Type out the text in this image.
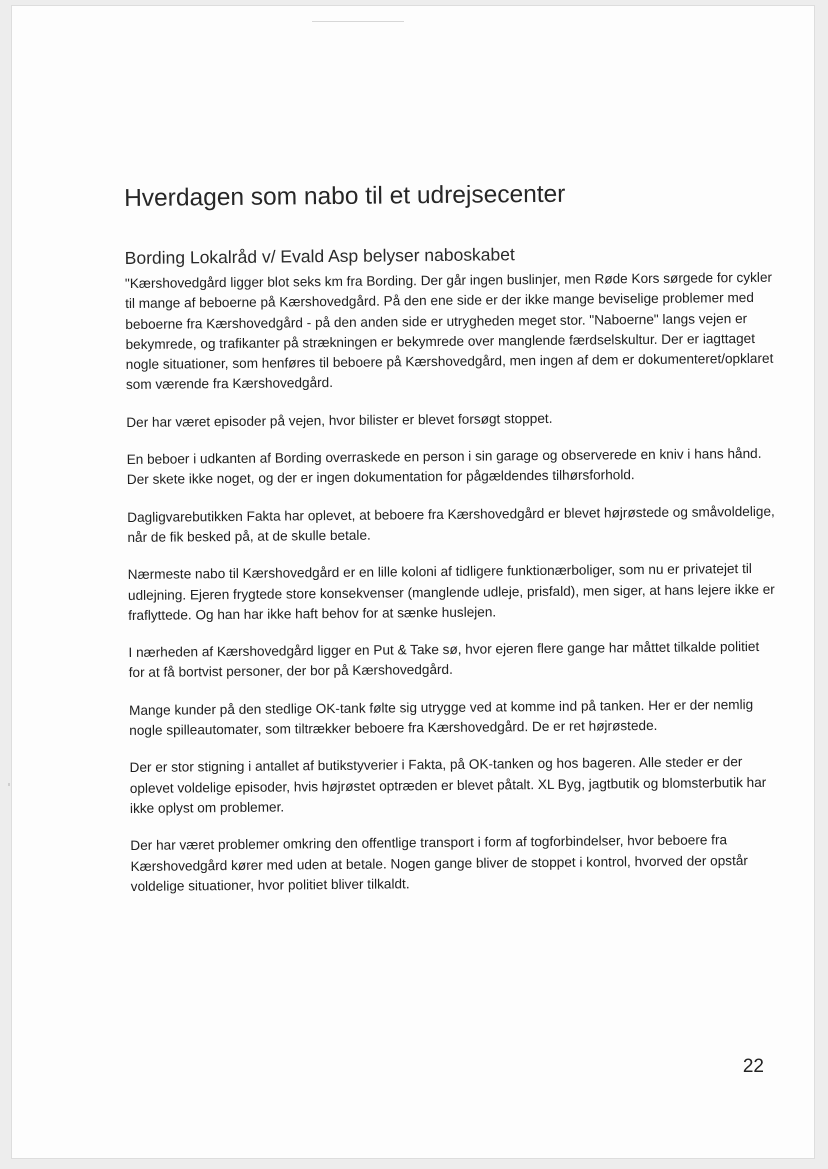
Hverdagen som nabo til et udrejsecenter
Bording Lokalråd v/ Evald Asp belyser naboskabet

"Kærshovedgård ligger blot seks km fra Bording. Der går ingen buslinjer, men Røde Kors sørgede for cykler til mange af beboerne på Kærshovedgård. På den ene side er der ikke mange beviselige problemer med beboerne fra Kærshovedgård - på den anden side er utrygheden meget stor. "Naboerne" langs vejen er bekymrede, og trafikanter på strækningen er bekymrede over manglende færdselskultur. Der er iagttaget nogle situationer, som henføres til beboere på Kærshovedgård, men ingen af dem er dokumenteret/opklaret som værende fra Kærshovedgård.

Der har været episoder på vejen, hvor bilister er blevet forsøgt stoppet.

En beboer i udkanten af Bording overraskede en person i sin garage og observerede en kniv i hans hånd. Der skete ikke noget, og der er ingen dokumentation for pågældendes tilhørsforhold.

Dagligvarebutikken Fakta har oplevet, at beboere fra Kærshovedgård er blevet højrøstede og småvoldelige, når de fik besked på, at de skulle betale.

Nærmeste nabo til Kærshovedgård er en lille koloni af tidligere funktionærboliger, som nu er privatejet til udlejning. Ejeren frygtede store konsekvenser (manglende udleje, prisfald), men siger, at hans lejere ikke er fraflyttede. Og han har ikke haft behov for at sænke huslejen.

I nærheden af Kærshovedgård ligger en Put & Take sø, hvor ejeren flere gange har måttet tilkalde politiet for at få bortvist personer, der bor på Kærshovedgård.

Mange kunder på den stedlige OK-tank følte sig utrygge ved at komme ind på tanken. Her er der nemlig nogle spilleautomater, som tiltrækker beboere fra Kærshovedgård. De er ret højrøstede.

Der er stor stigning i antallet af butikstyverier i Fakta, på OK-tanken og hos bageren. Alle steder er der oplevet voldelige episoder, hvis højrøstet optræden er blevet påtalt. XL Byg, jagtbutik og blomsterbutik har ikke oplyst om problemer.

Der har været problemer omkring den offentlige transport i form af togforbindelser, hvor beboere fra Kærshovedgård kører med uden at betale. Nogen gange bliver de stoppet i kontrol, hvorved der opstår voldelige situationer, hvor politiet bliver tilkaldt.

22
